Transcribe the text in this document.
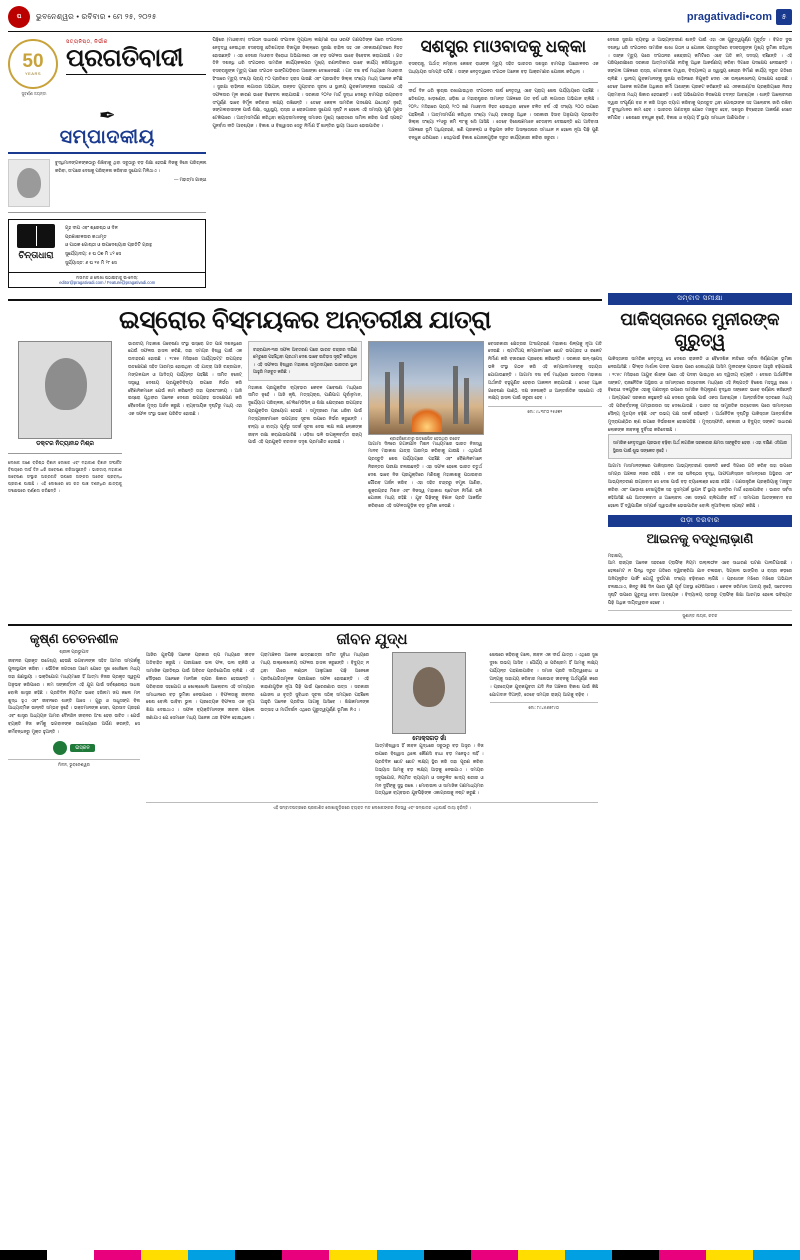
ପ	ଭୁବନେଶ୍ୱର • ରବିବାର • ମେ ୨୫, ୨୦୨୫	pragativadi•com	୫
50
YEARS
ସୁବର୍ଣ୍ଣ ଜୟନ୍ତୀ
ସତ୍ୟନିଷ୍ଠ, ନିର୍ଭୀକ
ପ୍ରଗତିବାଦୀ
✒
ସମ୍ପାଦକୀୟ
ବୁଦ୍ଧିମାନଙ୍ଗଳଙ୍କଠାରୁ ଶିଖିବାକୁ ଥିବା ସବୁଠାରୁ ବଡ଼ ଶିକ୍ଷା ହେଉଛି ନିଜକୁ ନିଜେ ପରିଚାଳନା କରିବା, ତା'ପରେ ଦେଶକୁ ପରିଚାଳନା କରିବାର ସୁଯୋଗ ମିଳିଥାଏ ।
— ମହାତ୍ମା ଗାନ୍ଧୀ
ଚିନ୍ତାଧାରା
ଗୃହ ଦୀପ ଏବଂ ଶ୍ରେଷ୍ଠ ଓ ଦିନ
ପ୍ରଜ୍ଞାଶୀଳତାର କଥାମୃତ
ଓ ପାଠକ ଗୋଷ୍ଠୀ ଓ ଉପଦେଶ୍ୟାର ପ୍ରତିଟି ଗ୍ରନ୍ଥ
ସୁର୍ଯ୍ୟୋଦୟ: ୫ ଘ ୦୭ ମି ୪୨ ସେ
ସୁର୍ଯ୍ୟାସ୍ତ: ୬ ଘ ୧୫ ମି ୨୮ ସେ
ମତାମତ ଓ ଲେଖା ପଠାଇବାକୁ ଇ-ମେଲ୍:
editor@pragativadi.com / Feature@pragativadi.com
ପିଢ଼ିରେ (ମାଓବାଦୀ) ସଂଗଠନ ସାଧାରଣ ସଂପାଦକ ମୁପ୍ପାଲା ଲକ୍ଷ୍ମଣ ରାଓ ଓରଫ ଗଣପତିଙ୍କ ପରେ ସଂଗଠନର ନେତୃତ୍ୱ ନେଇଥିବା ବସବରାଜୁ ଛତିଶଗଡ଼ର ବିଜାପୁର ଜିଲ୍ଲାରେ ସୁରକ୍ଷା ବାହିନୀ ସହ ଏକ ଏନକାଉଣ୍ଟରରେ ନିହତ ହୋଇଛନ୍ତି । ଏହା ଦେଶର ମାଓବାଦ ବିରୋଧୀ ଅଭିଯାନରେ ଏକ ବଡ଼ ସଫଳତା ଭାବେ ବିବେଚନା କରାଯାଉଛି । ଗତ ତିନି ଦଶନ୍ଧି ଧରି ସଂଗଠନର ସାମରିକ କାର୍ଯ୍ୟକଳାପର ମୁଖ୍ୟ ରଣନୀତିକାର ଭାବେ କାର୍ଯ୍ୟ କରିଆସୁଥିବା ବସବରାଜୁଙ୍କ ମୃତ୍ୟୁ ପରେ ସଂଗଠନ ଭାଙ୍ଗିପଡ଼ିବାର ଆଶଙ୍କା ଦେଖାଦେଇଛି । ଗତ ଦଶ ବର୍ଷ ମଧ୍ୟରେ ମାଓବାଦୀ ହିଂସାରେ ମୃତ୍ୟୁ ସଂଖ୍ୟା ପ୍ରାୟ ୮୦ ପ୍ରତିଶତ ହ୍ରାସ ପାଇଛି ଏବଂ ପ୍ରଭାବିତ ଜିଲ୍ଲା ସଂଖ୍ୟା ମଧ୍ୟ ଅନେକ କମିଛି । ସୁରକ୍ଷା ବାହିନୀର ଲଗାତାର ଅଭିଯାନ, ଉନ୍ନତ ଗୁପ୍ତଚର ସୂଚନା ଓ ସ୍ଥାନୀୟ ଯୁବକମାନଙ୍କର ସହଯୋଗ ଏହି ସଫଳତାର ମୂଳ କାରଣ ଭାବେ ବିବେଚନା କରାଯାଉଛି । ସରକାର ୨୦୨୬ ମାର୍ଚ୍ଚ ସୁଦ୍ଧା ଦେଶରୁ ବାମପନ୍ଥୀ ଉଗ୍ରବାଦ ସଂପୂର୍ଣ୍ଣ ଭାବେ ନିର୍ମୂଳ କରିବାର ଲକ୍ଷ୍ୟ ରଖିଛନ୍ତି । ତେବେ କେବଳ ସାମରିକ ପଦକ୍ଷେପ ଯଥେଷ୍ଟ ନୁହେଁ; ଜଙ୍ଗଲବାସୀଙ୍କ ପାଇଁ ଶିକ୍ଷା, ସ୍ୱାସ୍ଥ୍ୟ, ରାସ୍ତା ଓ ରୋଜଗାରର ସୁଯୋଗ ସୃଷ୍ଟି ନ ହେଲେ ଏହି ସମସ୍ୟା ପୁଣି ମୁଣ୍ଡ ଟେକିପାରେ । ଆତ୍ମସମର୍ପଣ କରିଥିବା କ୍ୟାଡ଼ରମାନଙ୍କୁ ସମାଜର ମୁଖ୍ୟ ସ୍ରୋତରେ ସାମିଲ କରିବା ପାଇଁ ସ୍ପଷ୍ଟ ପୁନର୍ବାସ ନୀତି ଆବଶ୍ୟକ । ବିକାଶ ଓ ବିଶ୍ୱାସର ସେତୁ ନିର୍ମାଣ ହିଁ ଶାନ୍ତିର ସ୍ଥାୟୀ ଆଧାର ହୋଇପାରିବ ।
ସଶସ୍ତ୍ର ମାଓବାଦକୁ ଧକ୍କା
ବସବରାଜୁ, ଅର୍ଥାତ୍ ନମ୍ବାଲା କେଶବ ରାଓଙ୍କ ମୃତ୍ୟୁ ସହିତ ଭାରତର ସଶସ୍ତ୍ର ବାମପନ୍ଥୀ ଆନ୍ଦୋଳନର ଏକ ଅଧ୍ୟାୟର ସମାପ୍ତି ଘଟିଛି । ତାଙ୍କ ନେତୃତ୍ୱରେ ସଂଗଠନ ଅନେକ ବଡ଼ ଆକ୍ରମଣର ଯୋଜନା କରିଥିଲା ।
ଦୀର୍ଘ ଦିନ ଧରି ଲୁଚାଇ ରଖାଯାଇଥିବା ସଂଗଠନର ଶୀର୍ଷ ନେତୃତ୍ୱ ଏବେ ପ୍ରାୟ ଶେଷ ପର୍ଯ୍ୟାୟରେ ପହଞ୍ଚିଛି । ଛତିଶଗଡ଼, ଝାଡ଼ଖଣ୍ଡ, ଓଡ଼ିଶା ଓ ମହାରାଷ୍ଟ୍ରର ସୀମାନ୍ତ ଅଞ୍ଚଳରେ ଗତ ବର୍ଷ ଧରି ଲଗାତାର ଅଭିଯାନ ଚାଲିଛି । ୨୦୨୪ ମସିହାରେ ପ୍ରାୟ ୨୯୦ ଜଣ ମାଓବାଦୀ ନିହତ ହୋଇଥିବା ବେଳେ ଚଳିତ ବର୍ଷ ଏହି ସଂଖ୍ୟା ୨୦୦ ଉପରେ ପହଞ୍ଚିଲାଣି । ଆତ୍ମସମର୍ପଣ କରିଥିବା ସଂଖ୍ୟା ମଧ୍ୟ ହଜାରରୁ ଅଧିକ । ସରକାରୀ ହିସାବ ଅନୁଯାୟୀ ପ୍ରଭାବିତ ଜିଲ୍ଲା ସଂଖ୍ୟା ୧୨୬ରୁ କମି ୩୮କୁ ଖସି ଆସିଛି । ତେବେ ବିଶେଷଜ୍ଞମାନେ ଚେତାବନୀ ଦେଇଛନ୍ତି ଯେ ଆଦିବାସୀ ଅଞ୍ଚଳରେ ଭୂମି ଅଧିଗ୍ରହଣ, ଖଣି ପ୍ରକଳ୍ପ ଓ ବିସ୍ଥାପନ ଜନିତ ଅସନ୍ତୋଷର ସମାଧାନ ନ ହେଲେ ନୂଆ ପିଢ଼ି ପୁଣି ବନ୍ଧୁକ ଧରିପାରେ । ସେଥିପାଇଁ ବିକାଶ ଯୋଜନାଗୁଡ଼ିକ ଦ୍ରୁତ କାର୍ଯ୍ୟକାରୀ କରିବା ଜରୁରୀ ।
ଦେଶର ସୁରକ୍ଷା ବ୍ୟବସ୍ଥା ଓ ଆଭ୍ୟନ୍ତରୀଣ ଶାନ୍ତି ପାଇଁ ଏହା ଏକ ଗୁରୁତ୍ୱପୂର୍ଣ୍ଣ ମୁହୂର୍ତ୍ତ । ବିଗତ ଦୁଇ ଦଶନ୍ଧି ଧରି ସଂଗଠନର ସାମରିକ ଶାଖା ଗଠନ ଓ ଯୋଜନା ପ୍ରସ୍ତୁତିରେ ବସବରାଜୁଙ୍କ ମୁଖ୍ୟ ଭୂମିକା ରହିଥିଲା । ତାଙ୍କ ମୃତ୍ୟୁ ପରେ ସଂଗଠନର କେନ୍ଦ୍ରୀୟ କମିଟିରେ ଏବେ ଅତି କମ୍ ସଦସ୍ୟ ବଞ୍ଚିଛନ୍ତି । ଏହି ପରିପ୍ରେକ୍ଷୀରେ ସରକାର ଆତ୍ମସମର୍ପଣ ନୀତିକୁ ଅଧିକ ଆକର୍ଷଣୀୟ କରିବା ଦିଗରେ ପଦକ୍ଷେପ ନେଇଛନ୍ତି । ଜଙ୍ଗଲ ଅଞ୍ଚଳରେ ରାସ୍ତା, ମୋବାଇଲ ଟାୱାର, ବିଦ୍ୟାଳୟ ଓ ସ୍ୱାସ୍ଥ୍ୟ କେନ୍ଦ୍ର ନିର୍ମାଣ କାର୍ଯ୍ୟ ଦ୍ରୁତ ଗତିରେ ଚାଲିଛି । ସ୍ଥାନୀୟ ଯୁବକମାନଙ୍କୁ ସୁରକ୍ଷା ବାହିନୀରେ ନିଯୁକ୍ତି ଦେବା ଏକ ଉଲ୍ଲେଖନୀୟ ପଦକ୍ଷେପ ହୋଇଛି । ତେବେ ଅନେକ ନାଗରିକ ଅଧିକାର କର୍ମୀ ଆଶଙ୍କା ପ୍ରକଟ କରିଛନ୍ତି ଯେ ଏନକାଉଣ୍ଟର ପ୍ରକ୍ରିୟାରେ ନିରୀହ ଗ୍ରାମବାସୀ ମଧ୍ୟ ଶିକାର ହେଉଛନ୍ତି । ସେହି ଅଭିଯୋଗର ନିରପେକ୍ଷ ତଦନ୍ତ ଆବଶ୍ୟକ । ଶାନ୍ତି ଆଲୋଚନାର ଦ୍ୱାର ସଂପୂର୍ଣ୍ଣ ବନ୍ଦ ନ କରି ଅସ୍ତ୍ର ତ୍ୟାଗ କରିବାକୁ ପ୍ରସ୍ତୁତ ଥିବା ଗୋଷ୍ଠୀଙ୍କ ସହ ଆଲୋଚନା ଜାରି ରଖିବା ହିଁ ବୁଦ୍ଧିମାନର କାମ ହେବ । ଭାରତର ଗଣତନ୍ତ୍ର ଯେତେ ମଜବୁତ ହେବ, ସଶସ୍ତ୍ର ବିଦ୍ରୋହର ଆକର୍ଷଣ ସେତେ କମିଯିବ । ଶେଷରେ ବନ୍ଧୁକ ନୁହେଁ, ବିକାଶ ଓ ନ୍ୟାୟ ହିଁ ସ୍ଥାୟୀ ସମାଧାନ ଆଣିପାରିବ ।
ଇସ୍ରୋର ବିସ୍ମୟକର ଅନ୍ତରୀକ୍ଷ ଯାତ୍ରା
ଡକ୍ଟର ନିତ୍ୟାନନ୍ଦ ମିଶ୍ର
ଲେଖକ ଜଣେ ବରିଷ୍ଠ ବିଜ୍ଞାନ ଲେଖକ ଏବଂ ମହାକାଶ ବିଜ୍ଞାନ ସଂପର୍କିତ ବିଷୟରେ ଦୀର୍ଘ ଦିନ ଧରି ଗବେଷଣା କରିଆସୁଛନ୍ତି । ଭାରତୀୟ ମହାକାଶ ଗବେଷଣା ସଂସ୍ଥାର ଅଗ୍ରଗତି ଉପରେ ତାଙ୍କର ଅନେକ ପ୍ରବନ୍ଧ ପ୍ରକାଶ ପାଇଛି । ଏହି ଲେଖାରେ ସେ ଗତ ପାଞ୍ଚ ଦଶନ୍ଧିର ଯାତ୍ରାକୁ ସଂକ୍ଷେପରେ ବର୍ଣ୍ଣନା କରିଛନ୍ତି ।
ଭାରତୀୟ ମହାକାଶ ଗବେଷଣା ସଂସ୍ଥା ଇସ୍ରୋ ଗତ ପାଞ୍ଚ ଦଶନ୍ଧିରେ ଯେଉଁ ସଫଳତା ହାସଲ କରିଛି, ତାହା ସମଗ୍ର ବିଶ୍ୱ ପାଇଁ ଏକ ଉଦାହରଣ ହୋଇଛି । ୧୯୭୫ ମସିହାରେ ଆର୍ଯ୍ୟଭଟ୍ଟ ଉପଗ୍ରହ ଉତକ୍ଷେପଣ ସହିତ ଆରମ୍ଭ ହୋଇଥିବା ଏହି ଯାତ୍ରା ଆଜି ଚନ୍ଦ୍ରଯାନ, ମଙ୍ଗଳଯାନ ଓ ଆଦିତ୍ୟ ପର୍ଯ୍ୟନ୍ତ ପହଞ୍ଚିଛି । ସୀମିତ ବଜେଟ୍ ସତ୍ତ୍ୱେ ଦେଶୀୟ ପ୍ରଯୁକ୍ତିବିଦ୍ୟା ଉପରେ ନିର୍ଭର କରି ବୈଜ୍ଞାନିକମାନେ ଯେଉଁ କାମ କରିଛନ୍ତି ତାହା ପ୍ରଶଂସନୀୟ । ଆଜି ଇସ୍ରୋ ପୃଥିବୀର ଅନେକ ଦେଶର ଉପଗ୍ରହ ଉତକ୍ଷେପଣ କରି ବୈଦେଶିକ ମୁଦ୍ରା ଅର୍ଜନ କରୁଛି । ବ୍ୟବସାୟିକ ଦୃଷ୍ଟିରୁ ମଧ୍ୟ ଏହା ଏକ ସଫଳ ସଂସ୍ଥା ଭାବେ ପରିଚିତ ହୋଇଛି ।
ଚନ୍ଦ୍ରଯାନ-୩ର ସଫଳ ଅବତରଣ ପରେ ଭାରତ ଚନ୍ଦ୍ରର ଦକ୍ଷିଣ ମେରୁରେ ପହଞ୍ଚିଥିବା ପ୍ରଥମ ଦେଶ ଭାବେ ଇତିହାସ ସୃଷ୍ଟି କରିଥିଲା । ଏହି ସଫଳତା ବିଶ୍ୱର ମହାକାଶ ସମ୍ପ୍ରଦାୟରେ ଭାରତର ସ୍ଥାନ ଆହୁରି ମଜବୁତ କରିଛି ।
ମହାକାଶ ପ୍ରଯୁକ୍ତିର ବ୍ୟବହାର କେବଳ ଗବେଷଣା ମଧ୍ୟରେ ସୀମିତ ନୁହେଁ । ଆଜି କୃଷି, ମତ୍ସ୍ୟଚାଷ, ପାଣିପାଗ ପୂର୍ବାନୁମାନ, ଦୁର୍ଯ୍ୟୋଗ ପରିଚାଳନା, ଟେଲିମେଡ଼ିସିନ୍ ଓ ଶିକ୍ଷା କ୍ଷେତ୍ରରେ ଉପଗ୍ରହ ପ୍ରଯୁକ୍ତିର ପ୍ରୟୋଗ ହେଉଛି । ସମୁଦ୍ରରେ ମାଛ ଧରିବା ପାଇଁ ମତ୍ସ୍ୟଜୀବୀମାନେ ଉପଗ୍ରହ ସୂଚନା ଉପରେ ନିର୍ଭର କରୁଛନ୍ତି । ବନ୍ୟା ଓ ବାତ୍ୟା ପୂର୍ବରୁ ସତର୍କ ସୂଚନା ଦେଇ ଲକ୍ଷ ଲକ୍ଷ ଲୋକଙ୍କ ଜୀବନ ରକ୍ଷା କରାଯାଇପାରିଛି । ଓଡ଼ିଶା ଭଳି ଉପକୂଳବର୍ତ୍ତୀ ରାଜ୍ୟ ପାଇଁ ଏହି ପ୍ରଯୁକ୍ତି ବରଦାନ ସଦୃଶ ପ୍ରମାଣିତ ହୋଇଛି ।
ଶ୍ରୀହରିକୋଟାରୁ ଉତକ୍ଷେପିତ ହେଉଥିବା ରକେଟ
ଆଗାମୀ ଦିନରେ ଗଗନଯାନ ମିଶନ ମାଧ୍ୟମରେ ଭାରତ ନିଜସ୍ୱ ମାନବ ମହାକାଶ ଯାତ୍ରା ଆରମ୍ଭ କରିବାକୁ ଯାଉଛି । ଏଥିପାଇଁ ପ୍ରସ୍ତୁତି ଶେଷ ପର୍ଯ୍ୟାୟରେ ପହଞ୍ଚିଛି ଏବଂ ବୈଜ୍ଞାନିକମାନେ ନିରନ୍ତର ପରୀକ୍ଷା ଚଳାଇଛନ୍ତି । ଏହା ସଫଳ ହେଲେ ଭାରତ ଚତୁର୍ଥ ଦେଶ ଭାବେ ନିଜ ପ୍ରଯୁକ୍ତିରେ ମଣିଷକୁ ମହାକାଶକୁ ପଠାଇବାର ଗୌରବ ଅର୍ଜନ କରିବ । ଏହା ସହିତ ଚନ୍ଦ୍ରରୁ ନମୁନା ଆଣିବା, ଶୁକ୍ରଗ୍ରହ ମିଶନ ଏବଂ ନିଜସ୍ୱ ମହାକାଶ ଷ୍ଟେସନ ନିର୍ମାଣ ଭଳି ଯୋଜନା ମଧ୍ୟ ରହିଛି । ଯୁବ ପିଢ଼ିଙ୍କୁ ବିଜ୍ଞାନ ପ୍ରତି ଆକର୍ଷିତ କରିବାରେ ଏହି ସଫଳତାଗୁଡ଼ିକ ବଡ଼ ଭୂମିକା ନେଉଛି ।
ବେସରକାରୀ କ୍ଷେତ୍ରର ଅଂଶଗ୍ରହଣ ମହାକାଶ ଶିଳ୍ପକୁ ନୂଆ ଗତି ଦେଇଛି । ଷ୍ଟାର୍ଟଅପ୍ କମ୍ପାନୀମାନେ ଛୋଟ ଉପଗ୍ରହ ଓ ରକେଟ ନିର୍ମାଣ କରି ବଜାରରେ ପ୍ରବେଶ କରିଛନ୍ତି । ସରକାର ଇନ୍-ସ୍ପେସ୍ ଭଳି ସଂସ୍ଥା ଗଠନ କରି ଏହି କମ୍ପାନୀମାନଙ୍କୁ ସହାୟତା ଯୋଗାଉଛନ୍ତି । ଆଗାମୀ ଦଶ ବର୍ଷ ମଧ୍ୟରେ ଭାରତର ମହାକାଶ ଅର୍ଥନୀତି ବହୁଗୁଣିତ ହେବାର ଆକଳନ କରାଯାଉଛି । ତେବେ ଅଧିକ ଗବେଷଣା ପାଣ୍ଠି, ଦକ୍ଷ ଜନଶକ୍ତି ଓ ଆନ୍ତର୍ଜାତିକ ସହଯୋଗ ଏହି ଲକ୍ଷ୍ୟ ହାସଲ ପାଇଁ ଜରୁରୀ ହେବ ।
ମୋ: ୯୪୩୮୦ ୨୫୬୭୨
ସମ୍ବାଦ ସମୀକ୍ଷା
ପାକିସ୍ତାନରେ ମୁନୀରଙ୍କ ଗୁରୁତ୍ୱ
ପାକିସ୍ତାନର ସାମରିକ ନେତୃତ୍ୱ ସେ ଦେଶର ରାଜନୀତି ଓ ବୈଦେଶିକ ନୀତିରେ ସର୍ବଦା ନିର୍ଣ୍ଣାୟକ ଭୂମିକା ନେଇଆସିଛି । ଫିଲ୍ଡ ମାର୍ଶାଲ ପଦବୀ ପାଇବା ପରେ ସେନାଧ୍ୟକ୍ଷ ଆସିମ ମୁନୀରଙ୍କ ପ୍ରଭାବ ଆହୁରି ବଢ଼ିଯାଇଛି । ୧୯୫୯ ମସିହାରେ ଆୟୁବ ଖାଁଙ୍କ ପରେ ଏହି ପଦବୀ ପାଇଥିବା ସେ ଦ୍ୱିତୀୟ ବ୍ୟକ୍ତି । ଦେଶର ଅର୍ଥନୈତିକ ସଙ୍କଟ, ରାଜନୈତିକ ଅସ୍ଥିରତା ଓ ସୀମାନ୍ତରେ ଉତ୍ତେଜନା ମଧ୍ୟରେ ଏହି ନିଷ୍ପତ୍ତି ବିଶେଷ ମହତ୍ତ୍ୱ ରଖେ । ବିରୋଧୀ ଦଳଗୁଡ଼ିକ ଏହାକୁ ଗଣତନ୍ତ୍ର ଉପରେ ସାମରିକ ନିୟନ୍ତ୍ରଣ ବୃଦ୍ଧିର ସଙ୍କେତ ଭାବେ ବର୍ଣ୍ଣନା କରିଛନ୍ତି । ଅନ୍ୟପଟେ ସରକାର କହୁଛନ୍ତି ଯେ ଦେଶର ସୁରକ୍ଷା ପାଇଁ ଏକତା ଆବଶ୍ୟକ । ଆନ୍ତର୍ଜାତିକ ସ୍ତରରେ ମଧ୍ୟ ଏହି ପରିବର୍ତ୍ତନକୁ ଗମ୍ଭୀରତାର ସହ ଦେଖାଯାଉଛି । ଭାରତ ସହ ସାମ୍ପ୍ରତିକ ଉତ୍ତେଜନା ପରେ ସୀମାନ୍ତରେ ସୈନ୍ୟ ମୁତୟନ ବଢ଼ିଛି ଏବଂ ଉଭୟ ପକ୍ଷ ସତର୍କ ରହିଛନ୍ତି । ଅର୍ଥନୈତିକ ଦୃଷ୍ଟିରୁ ପାକିସ୍ତାନ ଆନ୍ତର୍ଜାତିକ ମୁଦ୍ରାପାଣ୍ଠିର ଋଣ ଉପରେ ନିର୍ଭରଶୀଳ ହୋଇପଡ଼ିଛି । ମୁଦ୍ରାସ୍ଫୀତି, ବେକାରୀ ଓ ବିଦ୍ୟୁତ୍ ସଙ୍କଟ ସାଧାରଣ ଲୋକଙ୍କ ଜୀବନକୁ ଦୁର୍ବିସହ କରିଦେଇଛି ।
ସାମରିକ ନେତୃତ୍ୱର ପ୍ରଭାବ ବଢ଼ିବା ଅର୍ଥ ନାଗରିକ ସରକାରର କ୍ଷମତା ସଙ୍କୁଚିତ ହେବା । ଏହା ଦକ୍ଷିଣ ଏସିଆର ସ୍ଥିରତା ପାଇଁ ଶୁଭ ସଙ୍କେତ ନୁହେଁ ।
ଆଗାମୀ ମାସମାନଙ୍କରେ ପାକିସ୍ତାନର ଆଭ୍ୟନ୍ତରୀଣ ରାଜନୀତି କେଉଁ ଦିଗରେ ଗତି କରିବ ତାହା ଉପରେ ସମଗ୍ର ଅଞ୍ଚଳର ନଜର ରହିଛି । ଚୀନ ସହ ଘନିଷ୍ଠତା ବୃଦ୍ଧି, ଆଫଗାନିସ୍ତାନ ସୀମାନ୍ତରେ ଅସ୍ଥିରତା ଏବଂ ଆଭ୍ୟନ୍ତରୀଣ ଉଗ୍ରବାଦ ସେ ଦେଶ ପାଇଁ ବଡ଼ ଚ୍ୟାଲେଞ୍ଜ ହୋଇ ରହିଛି । ଗଣତାନ୍ତ୍ରିକ ପ୍ରକ୍ରିୟାକୁ ମଜବୁତ କରିବା ଏବଂ ପଡ଼ୋଶୀ ଦେଶଗୁଡ଼ିକ ସହ ସୁସମ୍ପର୍କ ସ୍ଥାପନ ହିଁ ସ୍ଥାୟୀ ଶାନ୍ତିର ମାର୍ଗ ହୋଇପାରିବ । ଭାରତ ସର୍ବଦା କହିଆସିଛି ଯେ ଆତଙ୍କବାଦ ଓ ଆଲୋଚନା ଏକା ସଙ୍ଗେ ଚାଲିପାରିବ ନାହିଁ । ସୀମାପାର ଆତଙ୍କବାଦ ବନ୍ଦ ହେଲେ ହିଁ ଦ୍ୱିପାକ୍ଷିକ ସମ୍ପର୍କ ସ୍ୱାଭାବିକ ହୋଇପାରିବ ବୋଲି ନୂଆଦିଲ୍ଲୀ ସ୍ପଷ୍ଟ କରିଛି ।
ପଡ଼ା ଦରବାର
ଆଇନକୁ ବଦ୍ଧିଲାଭ଼ାଣି
ମହାଶୟ,
ଆମ ରାଜ୍ୟର ଅନେକ ସହରରେ ଟ୍ରାଫିକ୍ ନିୟମ ଉଲ୍ଲଙ୍ଘନ ଏବେ ସାଧାରଣ ଘଟଣା ପାଲଟିଯାଇଛି । ହେଲମେଟ ନ ପିନ୍ଧି ଦ୍ରୁତ ଗତିରେ ଦ୍ୱିଚକ୍ରିଆ ଯାନ ଚଳାଇବା, ସିଗ୍ନାଲ ଭାଙ୍ଗିବା ଓ ରାସ୍ତା କଡ଼ରେ ଅନିୟନ୍ତ୍ରିତ ପାର୍କିଂ ଯୋଗୁଁ ଦୁର୍ଘଟଣା ସଂଖ୍ୟା ବଢ଼ିବାରେ ଲାଗିଛି । ପ୍ରଶାସନ ମଝିରେ ମଝିରେ ଅଭିଯାନ ଚଳାଇଥାଏ, କିନ୍ତୁ କିଛି ଦିନ ପରେ ପୁଣି ପୂର୍ବ ଅବସ୍ଥା ଫେରିଆସେ । କେବଳ ଜରିମାନା ଆଦାୟ ନୁହେଁ, ସଚେତନତା ସୃଷ୍ଟି ଉପରେ ଗୁରୁତ୍ୱ ଦେବା ଆବଶ୍ୟକ । ବିଦ୍ୟାଳୟ ସ୍ତରରୁ ଟ୍ରାଫିକ୍ ଶିକ୍ଷା ଆରମ୍ଭ ହେଲେ ଭବିଷ୍ୟତ ପିଢ଼ି ଅଧିକ ଦାୟିତ୍ୱବାନ ହେବେ ।
ସୁଶାନ୍ତ ନାୟକ, କଟକ
କୃଷ୍ଣ ଚେତନଶୀଳ
ଶ୍ରୀଳ ପ୍ରଭୁପାଦ
ଜୀବନର ପ୍ରକୃତ ଉଦ୍ଦେଶ୍ୟ ହେଉଛି ଭଗବାନଙ୍କ ସହିତ ଆମର ସମ୍ପର୍କକୁ ପୁନଃସ୍ଥାପନ କରିବା । ଭୌତିକ ଜଗତରେ ଆମେ ଯେତେ ସୁଖ ଖୋଜିଲେ ମଧ୍ୟ ତାହା କ୍ଷଣସ୍ଥାୟୀ । ଭକ୍ତିଯୋଗ ମାଧ୍ୟମରେ ହିଁ ଆତ୍ମା ନିଜର ପ୍ରକୃତ ସ୍ୱରୂପ ଅନୁଭବ କରିପାରେ । ନାମ ସଙ୍କୀର୍ତ୍ତନ ଏହି ଯୁଗ ପାଇଁ ସର୍ବଶ୍ରେଷ୍ଠ ସାଧନା ବୋଲି ଶାସ୍ତ୍ର କହିଛି । ପ୍ରତିଦିନ ନିୟମିତ ଭାବେ ହରିନାମ ଜପ କଲେ ମନ ଶୁଦ୍ଧ ହୁଏ ଏବଂ ଜୀବନରେ ଶାନ୍ତି ଆସେ । ଗୁରୁ ଓ ସାଧୁସଙ୍ଗ ବିନା ଆଧ୍ୟାତ୍ମିକ ଉନ୍ନତି ସମ୍ଭବ ନୁହେଁ । ଭକ୍ତମାନଙ୍କ ସେବା, ପ୍ରସାଦ ଗ୍ରହଣ ଏବଂ ଶାସ୍ତ୍ର ଅଧ୍ୟୟନ ଆମର ଦୈନନ୍ଦିନ ଜୀବନର ଅଂଶ ହେବା ଉଚିତ । ଯେଉଁ ବ୍ୟକ୍ତି ନିଜ କର୍ମକୁ ଭଗବାନଙ୍କ ଉଦ୍ଦେଶ୍ୟରେ ଅର୍ପଣ କରନ୍ତି, ସେ କର୍ମବନ୍ଧନରୁ ମୁକ୍ତ ହୁଅନ୍ତି ।
ଇସ୍କନ
ମିଳନ, ଭୁବନେଶ୍ୱର
ଜୀବନ ଯୁଦ୍ଧ
ଆଜିର ଯୁବପିଢ଼ି ଅନେକ ପ୍ରକାର ଚାପ ମଧ୍ୟରେ ଜୀବନ ଅତିବାହିତ କରୁଛି । ପରୀକ୍ଷାରେ ଭଲ ଫଳ, ଭଲ ଚାକିରି ଓ ସାମାଜିକ ପ୍ରତିଷ୍ଠା ପାଇଁ ଅବିରତ ପ୍ରତିଯୋଗିତା ଚାଲିଛି । ଏହି ଦୌଡ଼ରେ ଅନେକେ ମାନସିକ ଚାପର ଶିକାର ହେଉଛନ୍ତି । ପରିବାରର ସହଯୋଗ ଓ ଖୋଲାଖୋଲି ଆଲୋଚନା ଏହି ସମସ୍ୟାର ସମାଧାନରେ ବଡ଼ ଭୂମିକା ନେଇପାରେ । ବିଫଳତାକୁ ଜୀବନର ଶେଷ ବୋଲି ଭାବିବା ଭୁଲ । ପ୍ରତ୍ୟେକ ବିଫଳତା ଏକ ନୂଆ ଶିକ୍ଷା ଦେଇଥାଏ । ସଫଳ ବ୍ୟକ୍ତିମାନଙ୍କ ଜୀବନୀ ପଢ଼ିଲେ ଜଣାଯାଏ ଯେ ସେମାନେ ମଧ୍ୟ ଅନେକ ଥର ବିଫଳ ହୋଇଥିଲେ ।
ଗ୍ରାମାଞ୍ଚଳର ଅନେକ ଛାତ୍ରଛାତ୍ରୀ ସୀମିତ ସୁବିଧା ମଧ୍ୟରେ ମଧ୍ୟ ଉଲ୍ଲେଖନୀୟ ସଫଳତା ହାସଲ କରୁଛନ୍ତି । ବିଦ୍ୟୁତ୍ ନ ଥିବା ଗାଁରେ ଲଣ୍ଠନ ଆଲୁଅରେ ପଢ଼ି ଅନେକେ ପ୍ରତିଯୋଗିତାମୂଳକ ପରୀକ୍ଷାରେ ସଫଳ ହୋଇଛନ୍ତି । ଏହି କାହାଣୀଗୁଡ଼ିକ ନୂଆ ପିଢ଼ି ପାଇଁ ପ୍ରେରଣାର ଉତ୍ସ । ସରକାରୀ ଯୋଜନା ଓ ବୃତ୍ତି ସୁବିଧାର ସୂଚନା ସଠିକ୍ ସମୟରେ ପହଞ୍ଚିଲେ ଆହୁରି ଅନେକ ପ୍ରତିଭା ଆଗକୁ ଆସିବେ । ଶିକ୍ଷକମାନଙ୍କ ଉତ୍ସାହ ଓ ମାର୍ଗଦର୍ଶନ ଏଥିରେ ଗୁରୁତ୍ୱପୂର୍ଣ୍ଣ ଭୂମିକା ନିଏ ।
ମୋକ୍ସଗଡ଼ ଖାଁ
ଆତ୍ମବିଶ୍ୱାସ ହିଁ ଜୀବନ ଯୁଦ୍ଧରେ ସବୁଠାରୁ ବଡ଼ ଅସ୍ତ୍ର । ନିଜ ଉପରେ ବିଶ୍ୱାସ ଥିଲେ କୌଣସି ବାଧା ବଡ଼ ମନେହୁଏ ନାହିଁ । ପ୍ରତିଦିନ ଛୋଟ ଛୋଟ ଲକ୍ଷ୍ୟ ସ୍ଥିର କରି ତାହା ପୂରଣ କରିବା ଅଭ୍ୟାସ ଆମକୁ ବଡ଼ ଲକ୍ଷ୍ୟ ଆଡ଼କୁ ନେଇଯାଏ । ସମୟର ସଦୁପଯୋଗ, ନିୟମିତ ବ୍ୟାୟାମ ଓ ସନ୍ତୁଳିତ ଖାଦ୍ୟ ଶରୀର ଓ ମନ ଦୁହିଁଙ୍କୁ ସୁସ୍ଥ ରଖେ । ମୋବାଇଲ ଓ ସାମାଜିକ ଗଣମାଧ୍ୟମର ଅତ୍ୟଧିକ ବ୍ୟବହାର ଯୁବପିଢ଼ିଙ୍କ ଏକାଗ୍ରତାକୁ ନଷ୍ଟ କରୁଛି ।
ଶେଷରେ କହିବାକୁ ଗଲେ, ଜୀବନ ଏକ ଦୀର୍ଘ ଯାତ୍ରା । ଏଥିରେ ସୁଖ ଦୁଃଖ ଉଭୟ ଆସିବ । ଧୈର୍ଯ୍ୟ ଓ ପରିଶ୍ରମ ହିଁ ଆମକୁ ଲକ୍ଷ୍ୟ ପର୍ଯ୍ୟନ୍ତ ପହଞ୍ଚାଇପାରିବ । ସମାଜ ପ୍ରତି ଦାୟିତ୍ୱବୋଧ ଓ ଅନ୍ୟକୁ ସାହାଯ୍ୟ କରିବାର ମନୋଭାବ ଜୀବନକୁ ଅର୍ଥପୂର୍ଣ୍ଣ କରେ । ପ୍ରତ୍ୟେକ ଯୁବକଯୁବତୀ ଯଦି ନିଜ ଅଞ୍ଚଳର ବିକାଶ ପାଇଁ କିଛି ଯୋଗଦାନ ଦିଅନ୍ତି, ତେବେ ସମଗ୍ର ରାଜ୍ୟ ଆଗକୁ ବଢ଼ିବ ।
ମୋ: ୮୯୪୫୬୭୮୯୦
ଏହି ସମ୍ବାଦପତ୍ରରେ ପ୍ରକାଶିତ ଲେଖାଗୁଡ଼ିକରେ ବ୍ୟକ୍ତ ମତ ଲେଖକଙ୍କର ନିଜସ୍ୱ ଏବଂ ସମ୍ପାଦକ ଏଥିପାଇଁ ଦାୟୀ ନୁହଁନ୍ତି ।
